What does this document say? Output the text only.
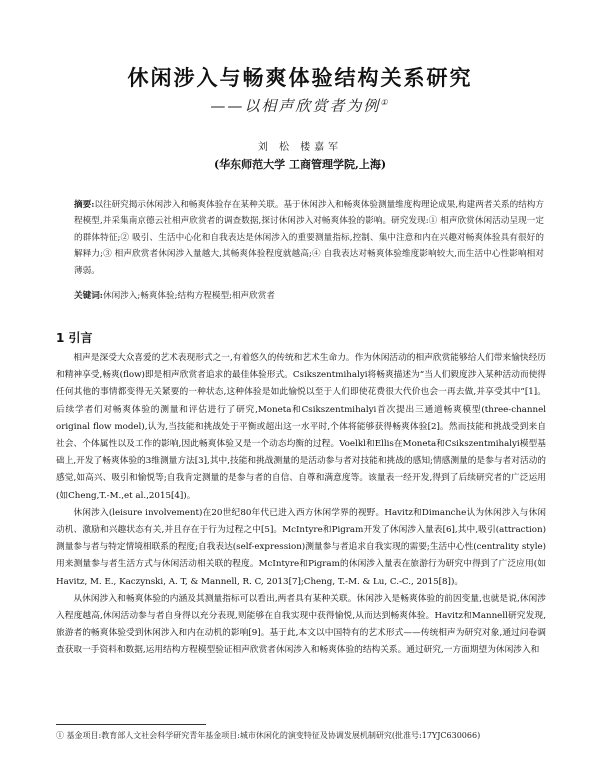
休闲涉入与畅爽体验结构关系研究
——以相声欣赏者为例①
刘 松 楼嘉军
(华东师范大学 工商管理学院,上海)
摘要:以往研究揭示休闲涉入和畅爽体验存在某种关联。基于休闲涉入和畅爽体验测量维度构理论成果,构建两者关系的结构方程模型,并采集南京德云社相声欣赏者的调查数据,探讨休闲涉入对畅爽体验的影响。研究发现:① 相声欣赏休闲活动呈现一定的群体特征;② 吸引、生活中心化和自我表达是休闲涉入的重要测量指标,控制、集中注意和内在兴趣对畅爽体验具有很好的解释力;③ 相声欣赏者休闲涉入量越大,其畅爽体验程度就越高;④ 自我表达对畅爽体验维度影响较大,而生活中心性影响相对薄弱。
关键词:休闲涉入;畅爽体验;结构方程模型;相声欣赏者
1 引言

相声是深受大众喜爱的艺术表现形式之一,有着悠久的传统和艺术生命力。作为休闲活动的相声欣赏能够给人们带来愉快经历和精神享受,畅爽(flow)即是相声欣赏者追求的最佳体验形式。Csikszentmihalyi将畅爽描述为“当人们毅度涉入某种活动而使得任何其他的事情都变得无关紧要的一种状态,这种体验是如此愉悦以至于人们即使花费很大代价也会一再去做,并享受其中”[1]。后续学者们对畅爽体验的测量和评估进行了研究,Moneta和Csikszentmihalyi首次提出三通道畅爽模型(three-channel original flow model),认为,当技能和挑战处于平衡或超出这一水平时,个体将能够获得畅爽体验[2]。然而技能和挑战受到来自社会、个体属性以及工作的影响,因此畅爽体验又是一个动态均衡的过程。Voelkl和Ellis在Moneta和Csikszentmihalyi模型基础上,开发了畅爽体验的3维测量方法[3],其中,技能和挑战测量的是活动参与者对技能和挑战的感知;情感测量的是参与者对活动的感觉,如高兴、吸引和愉悦等;自我肯定测量的是参与者的自信、自尊和满意度等。该量表一经开发,得到了后续研究者的广泛运用(如Cheng,T.-M.,et al.,2015[4])。

休闲涉入(leisure involvement)在20世纪80年代已进入西方休闲学界的视野。Havitz和Dimanche认为休闲涉入与休闲动机、激励和兴趣状态有关,并且存在于行为过程之中[5]。McIntyre和Pigram开发了休闲涉入量表[6],其中,吸引(attraction)测量参与者与特定情境相联系的程度;自我表达(self-expression)测量参与者追求自我实现的需要;生活中心性(centrality style)用来测量参与者生活方式与休闲活动相关联的程度。McIntyre和Pigram的休闲涉入量表在旅游行为研究中得到了广泛应用(如Havitz, M. E., Kaczynski, A. T, & Mannell, R. C, 2013[7];Cheng, T.-M. & Lu, C.-C., 2015[8])。

从休闲涉入和畅爽体验的内涵及其测量指标可以看出,两者具有某种关联。休闲涉入是畅爽体验的前因变量,也就是说,休闲涉入程度越高,休闲活动参与者自身得以充分表现,则能够在自我实现中获得愉悦,从而达到畅爽体验。Havitz和Mannell研究发现,旅游者的畅爽体验受到休闲涉入和内在动机的影响[9]。基于此,本文以中国特有的艺术形式——传统相声为研究对象,通过问卷调查获取一手资料和数据,运用结构方程模型验证相声欣赏者休闲涉入和畅爽体验的结构关系。通过研究,一方面期望为休闲涉入和

① 基金项目:教育部人文社会科学研究青年基金项目:城市休闲化的演变特征及协调发展机制研究(批准号:17YJC630066)
